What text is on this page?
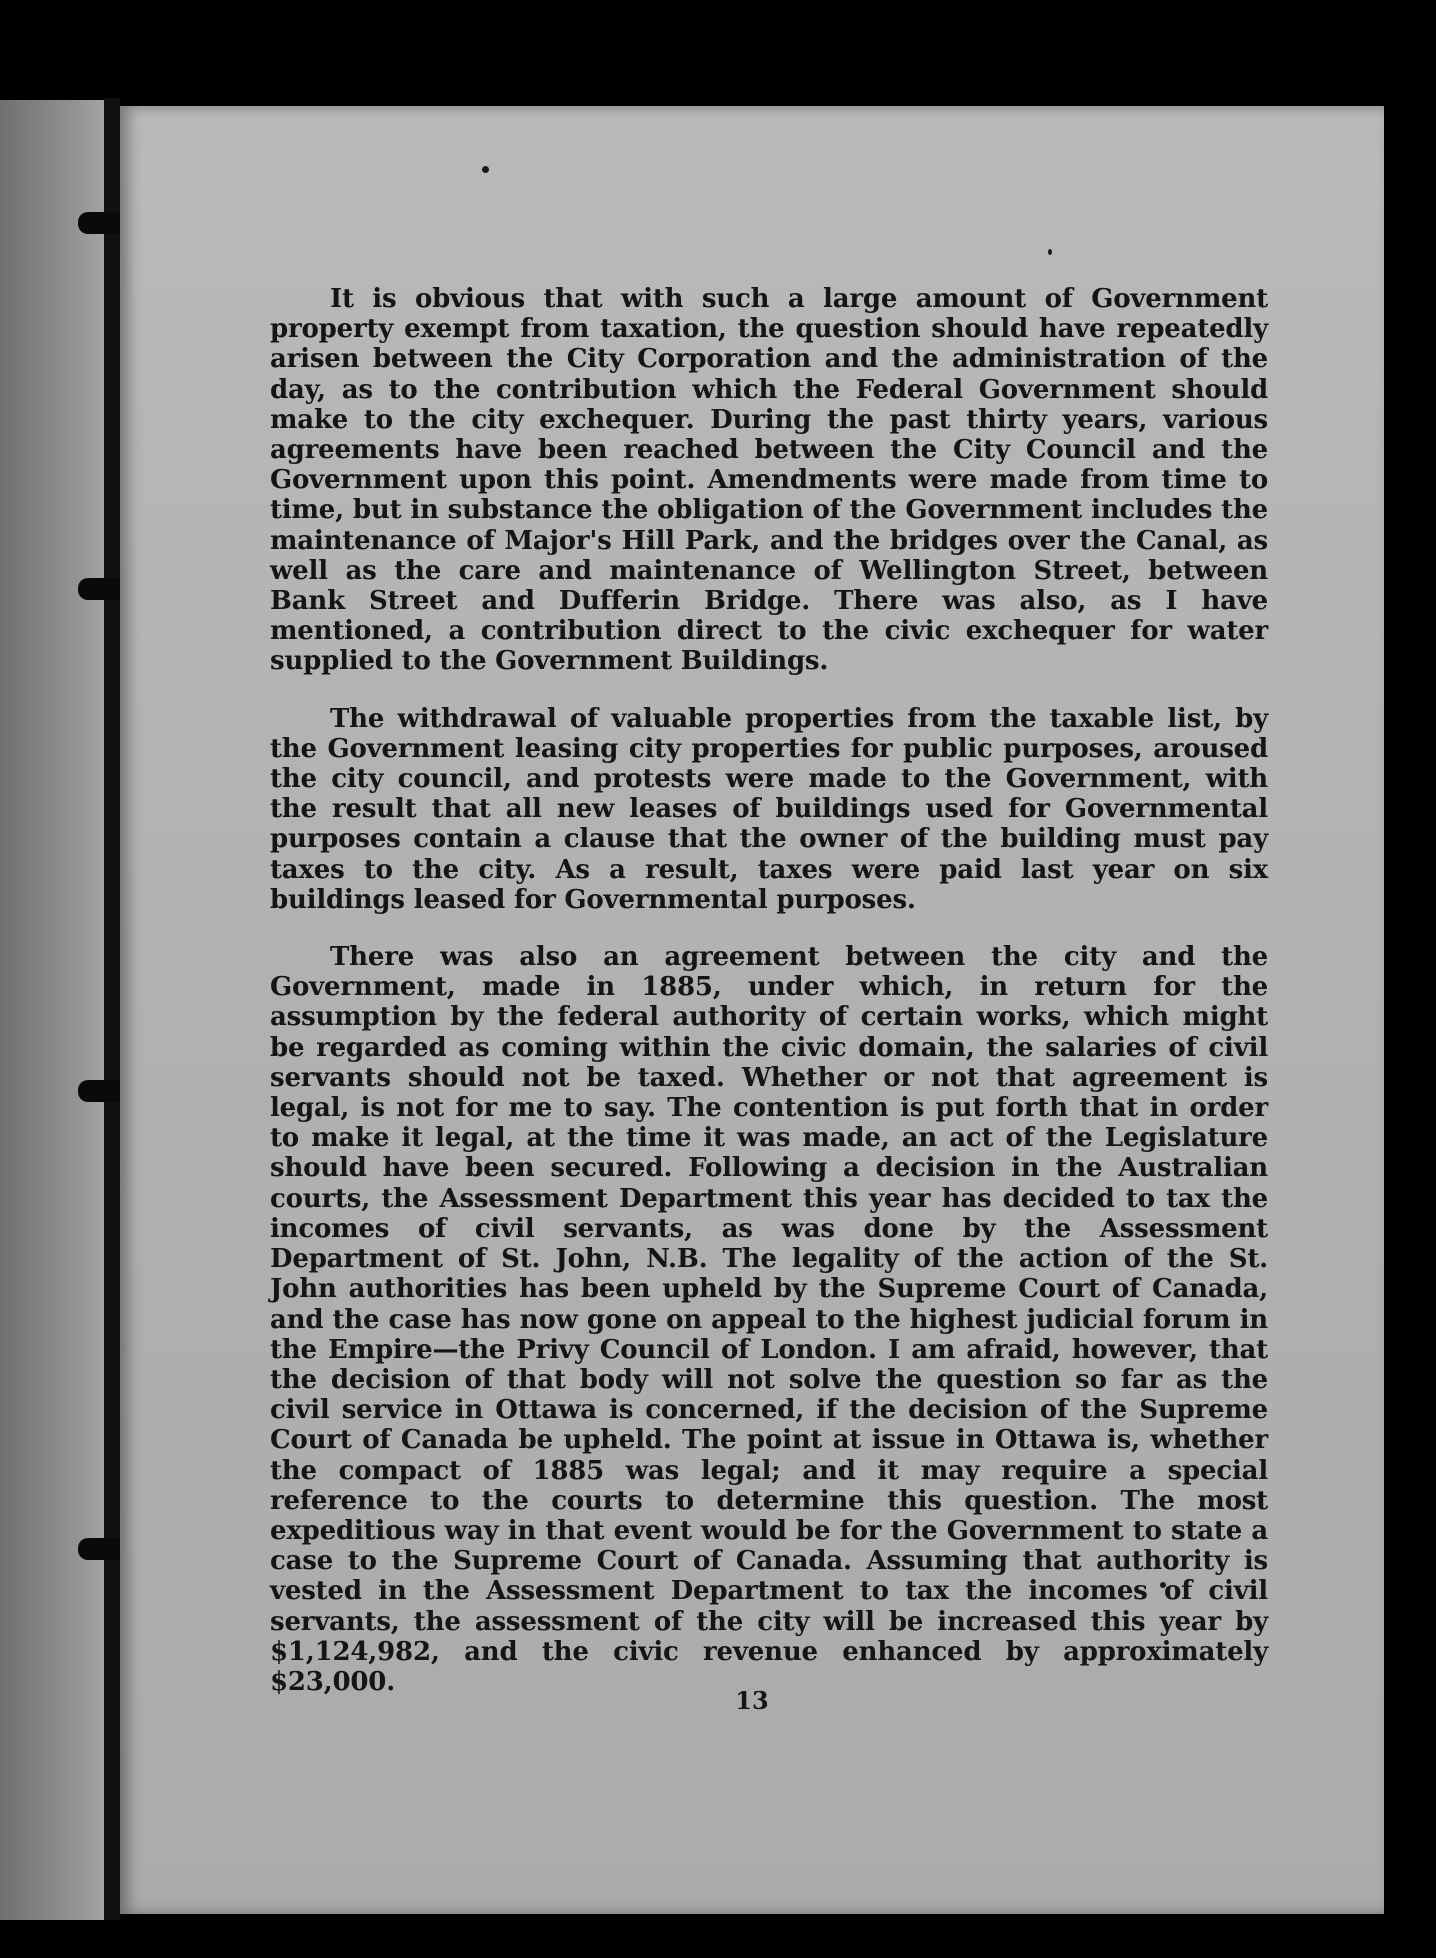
It is obvious that with such a large amount of Government property exempt from taxation, the question should have repeatedly arisen between the City Corporation and the administration of the day, as to the contribution which the Federal Government should make to the city exchequer. During the past thirty years, various agreements have been reached between the City Council and the Government upon this point. Amendments were made from time to time, but in substance the obligation of the Government includes the maintenance of Major's Hill Park, and the bridges over the Canal, as well as the care and maintenance of Wellington Street, between Bank Street and Dufferin Bridge. There was also, as I have mentioned, a contribution direct to the civic exchequer for water supplied to the Government Buildings.

The withdrawal of valuable properties from the taxable list, by the Government leasing city properties for public purposes, aroused the city council, and protests were made to the Government, with the result that all new leases of buildings used for Governmental purposes contain a clause that the owner of the building must pay taxes to the city. As a result, taxes were paid last year on six buildings leased for Governmental purposes.

There was also an agreement between the city and the Government, made in 1885, under which, in return for the assumption by the federal authority of certain works, which might be regarded as coming within the civic domain, the salaries of civil servants should not be taxed. Whether or not that agreement is legal, is not for me to say. The contention is put forth that in order to make it legal, at the time it was made, an act of the Legislature should have been secured. Following a decision in the Australian courts, the Assessment Department this year has decided to tax the incomes of civil servants, as was done by the Assessment Department of St. John, N.B. The legality of the action of the St. John authorities has been upheld by the Supreme Court of Canada, and the case has now gone on appeal to the highest judicial forum in the Empire—the Privy Council of London. I am afraid, however, that the decision of that body will not solve the question so far as the civil service in Ottawa is concerned, if the decision of the Supreme Court of Canada be upheld. The point at issue in Ottawa is, whether the compact of 1885 was legal; and it may require a special reference to the courts to determine this question. The most expeditious way in that event would be for the Government to state a case to the Supreme Court of Canada. Assuming that authority is vested in the Assessment Department to tax the incomes of civil servants, the assessment of the city will be increased this year by $1,124,982, and the civic revenue enhanced by approximately $23,000.

13
